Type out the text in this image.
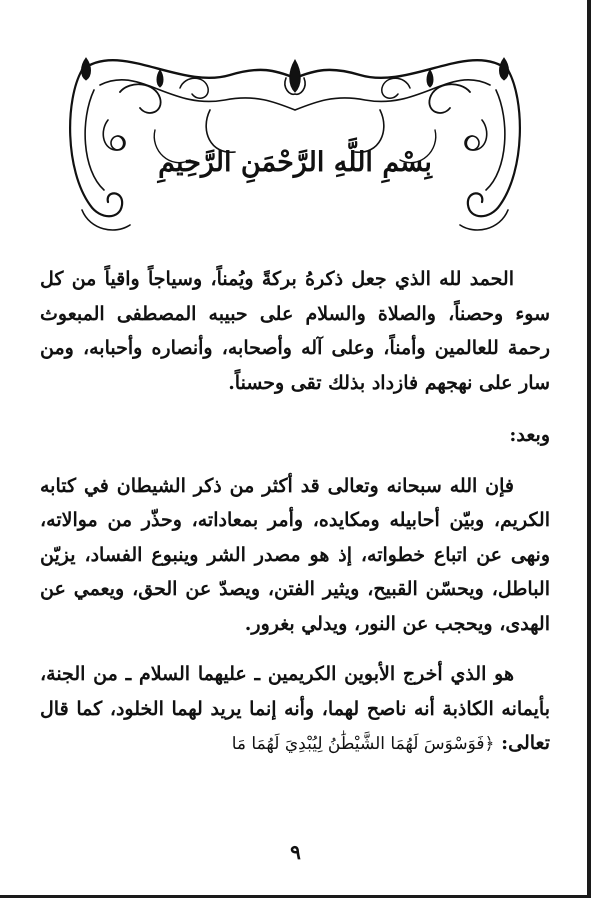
بِسْمِ اللَّهِ الرَّحْمَنِ الرَّحِيمِ

الحمد لله الذي جعل ذكرهُ بركةً ويُمناً، وسياجاً واقياً من كل سوء وحصناً، والصلاة والسلام على حبيبه المصطفى المبعوث رحمة للعالمين وأمناً، وعلى آله وأصحابه، وأنصاره وأحبابه، ومن سار على نهجهم فازداد بذلك تقى وحسناً.

وبعد:

فإن الله سبحانه وتعالى قد أكثر من ذكر الشيطان في كتابه الكريم، وبيّن أحابيله ومكايده، وأمر بمعاداته، وحذّر من موالاته، ونهى عن اتباع خطواته، إذ هو مصدر الشر وينبوع الفساد، يزيّن الباطل، ويحسّن القبيح، ويثير الفتن، ويصدّ عن الحق، ويعمي عن الهدى، ويحجب عن النور، ويدلي بغرور.

هو الذي أخرج الأبوين الكريمين ـ عليهما السلام ـ من الجنة، بأيمانه الكاذبة أنه ناصح لهما، وأنه إنما يريد لهما الخلود، كما قال تعالى: ﴿فَوَسْوَسَ لَهُمَا الشَّيْطَٰنُ لِيُبْدِيَ لَهُمَا مَا

٩
